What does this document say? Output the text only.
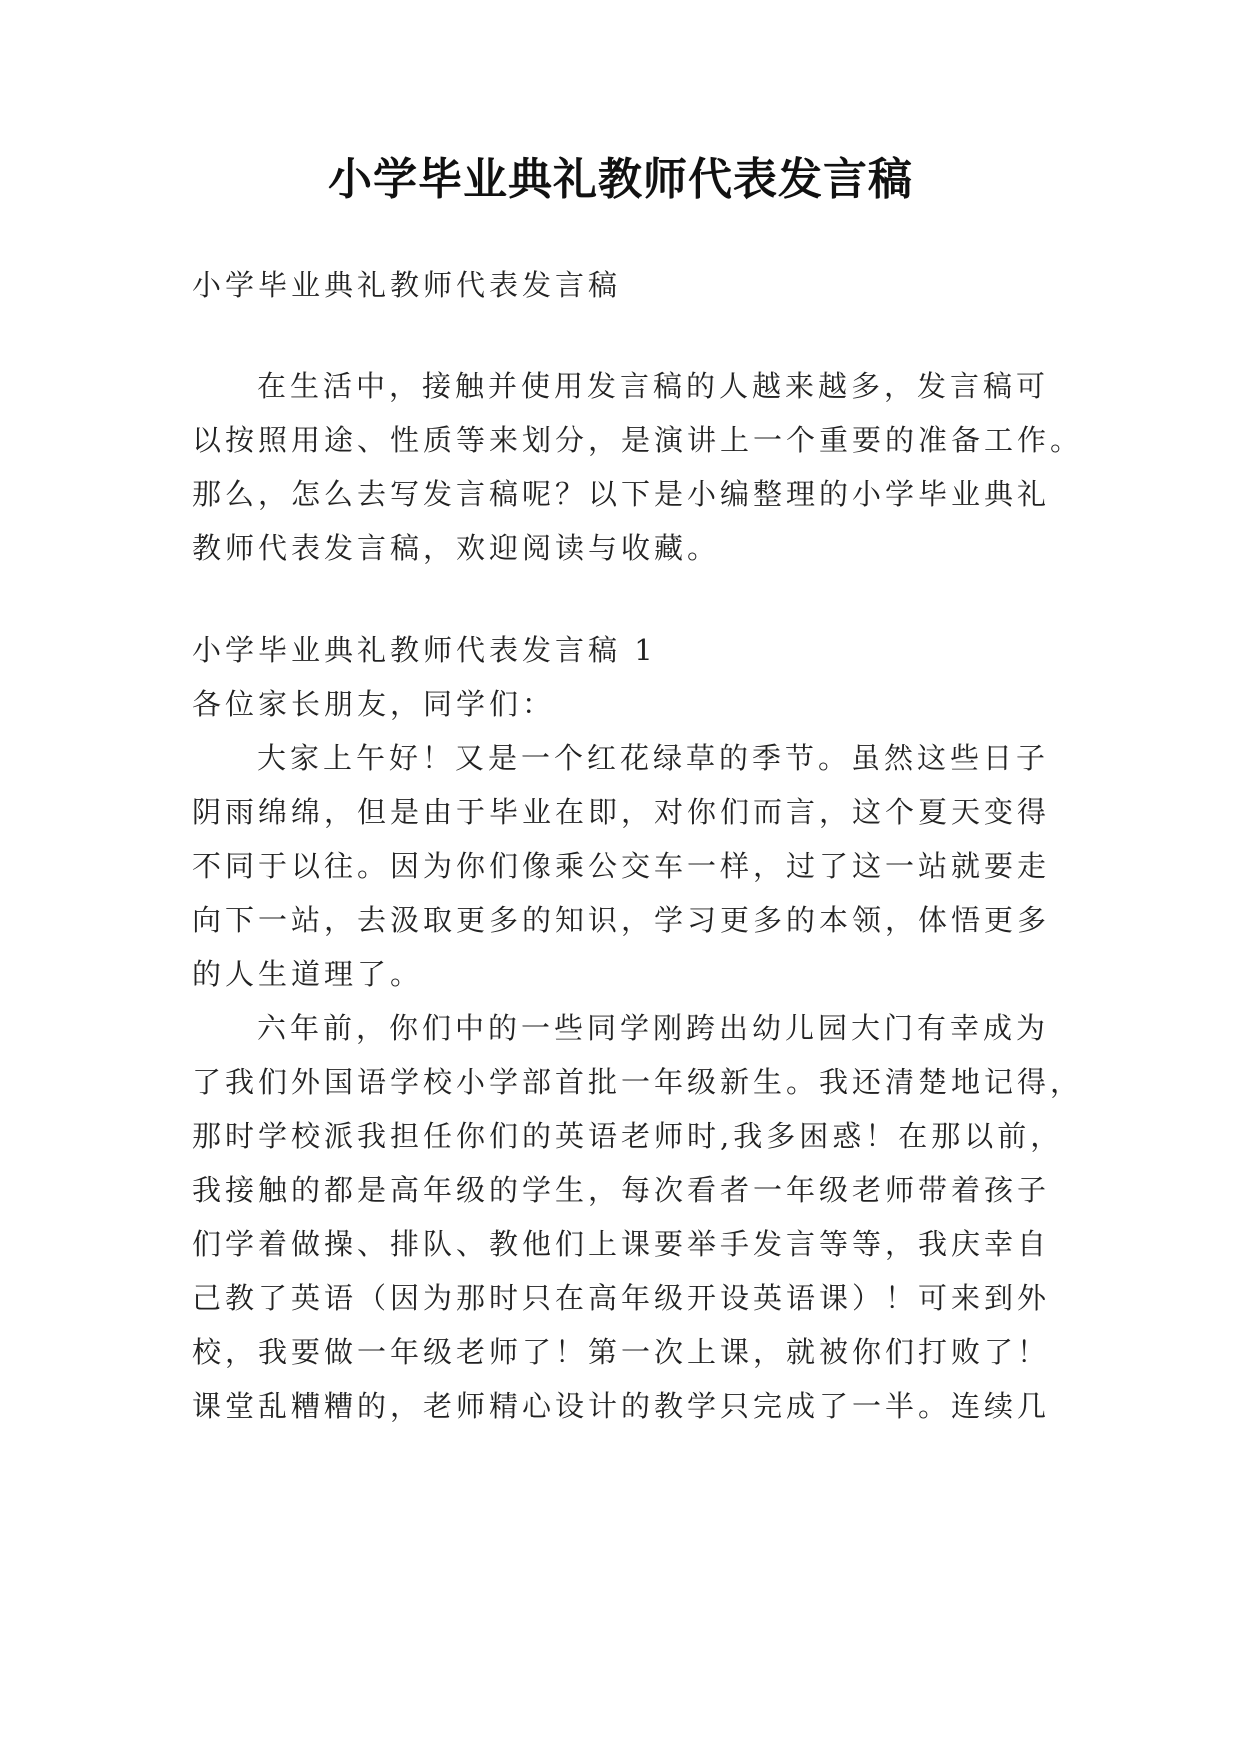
小学毕业典礼教师代表发言稿
小学毕业典礼教师代表发言稿
在生活中，接触并使用发言稿的人越来越多，发言稿可
以按照用途、性质等来划分，是演讲上一个重要的准备工作。
那么，怎么去写发言稿呢？以下是小编整理的小学毕业典礼
教师代表发言稿，欢迎阅读与收藏。
小学毕业典礼教师代表发言稿 1
各位家长朋友，同学们：
大家上午好！又是一个红花绿草的季节。虽然这些日子
阴雨绵绵，但是由于毕业在即，对你们而言，这个夏天变得
不同于以往。因为你们像乘公交车一样，过了这一站就要走
向下一站，去汲取更多的知识，学习更多的本领，体悟更多
的人生道理了。
六年前，你们中的一些同学刚跨出幼儿园大门有幸成为
了我们外国语学校小学部首批一年级新生。我还清楚地记得，
那时学校派我担任你们的英语老师时,我多困惑！在那以前，
我接触的都是高年级的学生，每次看者一年级老师带着孩子
们学着做操、排队、教他们上课要举手发言等等，我庆幸自
己教了英语（因为那时只在高年级开设英语课）！可来到外
校，我要做一年级老师了！第一次上课，就被你们打败了！
课堂乱糟糟的，老师精心设计的教学只完成了一半。连续几
